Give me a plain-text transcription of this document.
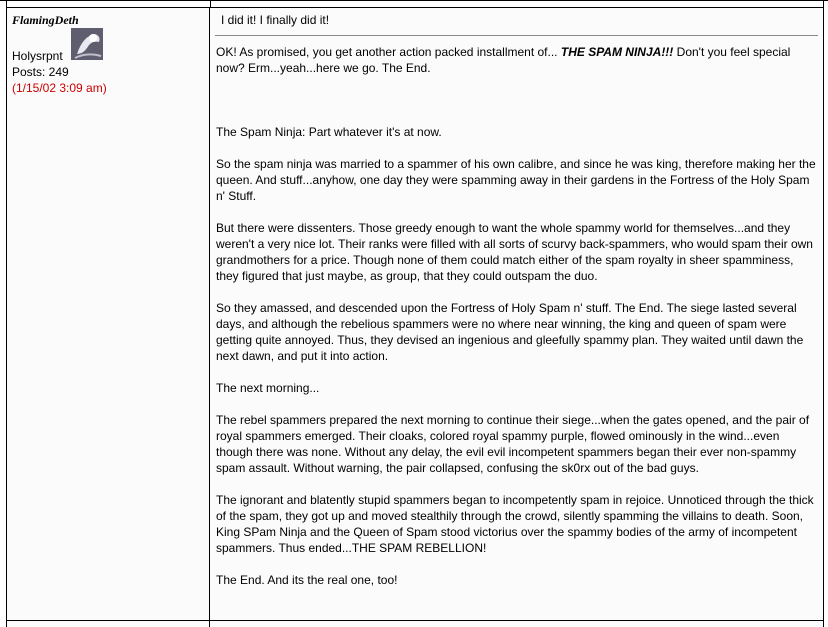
FlamingDeth
Holysrpnt
Posts: 249
(1/15/02 3:09 am)
I did it! I finally did it!

OK! As promised, you get another action packed installment of... THE SPAM NINJA!!! Don't you feel special now? Erm...yeah...here we go. The End.

The Spam Ninja: Part whatever it's at now.

So the spam ninja was married to a spammer of his own calibre, and since he was king, therefore making her the queen. And stuff...anyhow, one day they were spamming away in their gardens in the Fortress of the Holy Spam n' Stuff.

But there were dissenters. Those greedy enough to want the whole spammy world for themselves...and they weren't a very nice lot. Their ranks were filled with all sorts of scurvy back-spammers, who would spam their own grandmothers for a price. Though none of them could match either of the spam royalty in sheer spamminess, they figured that just maybe, as group, that they could outspam the duo.

So they amassed, and descended upon the Fortress of Holy Spam n' stuff. The End. The siege lasted several days, and although the rebelious spammers were no where near winning, the king and queen of spam were getting quite annoyed. Thus, they devised an ingenious and gleefully spammy plan. They waited until dawn the next dawn, and put it into action.

The next morning...

The rebel spammers prepared the next morning to continue their siege...when the gates opened, and the pair of royal spammers emerged. Their cloaks, colored royal spammy purple, flowed ominously in the wind...even though there was none. Without any delay, the evil evil incompetent spammers began their ever non-spammy spam assault. Without warning, the pair collapsed, confusing the sk0rx out of the bad guys.

The ignorant and blatently stupid spammers began to incompetently spam in rejoice. Unnoticed through the thick of the spam, they got up and moved stealthily through the crowd, silently spamming the villains to death. Soon, King SPam Ninja and the Queen of Spam stood victorius over the spammy bodies of the army of incompetent spammers. Thus ended...THE SPAM REBELLION!

The End. And its the real one, too!
